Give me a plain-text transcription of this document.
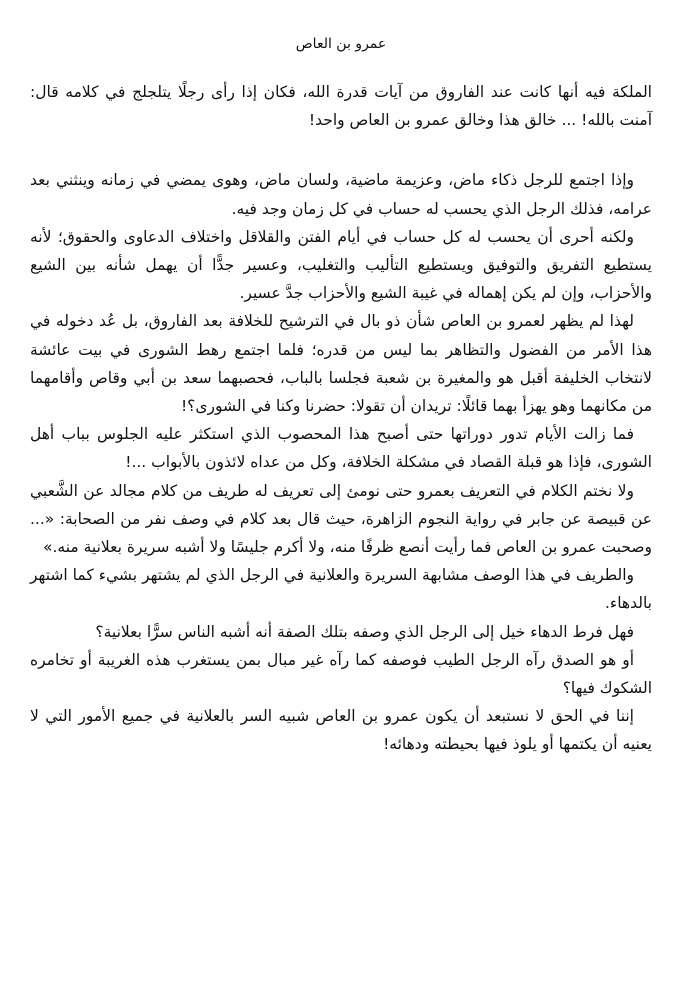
عمرو بن العاص

الملكة فيه أنها كانت عند الفاروق من آيات قدرة الله، فكان إذا رأى رجلًا يتلجلج في كلامه قال: آمنت بالله! ... خالق هذا وخالق عمرو بن العاص واحد!

وإذا اجتمع للرجل ذكاء ماض، وعزيمة ماضية، ولسان ماض، وهوى يمضي في زمانه وينثني بعد عرامه، فذلك الرجل الذي يحسب له حساب في كل زمان وجد فيه.

ولكنه أحرى أن يحسب له كل حساب في أيام الفتن والقلاقل واختلاف الدعاوى والحقوق؛ لأنه يستطيع التفريق والتوفيق ويستطيع التأليب والتغليب، وعسير جدًّا أن يهمل شأنه بين الشيع والأحزاب، وإن لم يكن إهماله في غيبة الشيع والأحزاب جدَّ عسير.

لهذا لم يظهر لعمرو بن العاص شأن ذو بال في الترشيح للخلافة بعد الفاروق، بل عُد دخوله في هذا الأمر من الفضول والتظاهر بما ليس من قدره؛ فلما اجتمع رهط الشورى في بيت عائشة لانتخاب الخليفة أقبل هو والمغيرة بن شعبة فجلسا بالباب، فحصبهما سعد بن أبي وقاص وأقامهما من مكانهما وهو يهزأ بهما قائلًا: تريدان أن تقولا: حضرنا وكنا في الشورى؟!

فما زالت الأيام تدور دوراتها حتى أصبح هذا المحصوب الذي استكثر عليه الجلوس بباب أهل الشورى، فإذا هو قبلة القصاد في مشكلة الخلافة، وكل من عداه لائذون بالأبواب ...!

ولا نختم الكلام في التعريف بعمرو حتى نومئ إلى تعريف له طريف من كلام مجالد عن الشَّعبي عن قبيصة عن جابر في رواية النجوم الزاهرة، حيث قال بعد كلام في وصف نفر من الصحابة: «... وصحبت عمرو بن العاص فما رأيت أنصع ظرفًا منه، ولا أكرم جليسًا ولا أشبه سريرة بعلانية منه.»

والطريف في هذا الوصف مشابهة السريرة والعلانية في الرجل الذي لم يشتهر بشيء كما اشتهر بالدهاء.

فهل فرط الدهاء خيل إلى الرجل الذي وصفه بتلك الصفة أنه أشبه الناس سرًّا بعلانية؟

أو هو الصدق رآه الرجل الطيب فوصفه كما رآه غير مبال بمن يستغرب هذه الغريبة أو تخامره الشكوك فيها؟

إننا في الحق لا نستبعد أن يكون عمرو بن العاص شبيه السر بالعلانية في جميع الأمور التي لا يعنيه أن يكتمها أو يلوذ فيها بحيطته ودهائه!
